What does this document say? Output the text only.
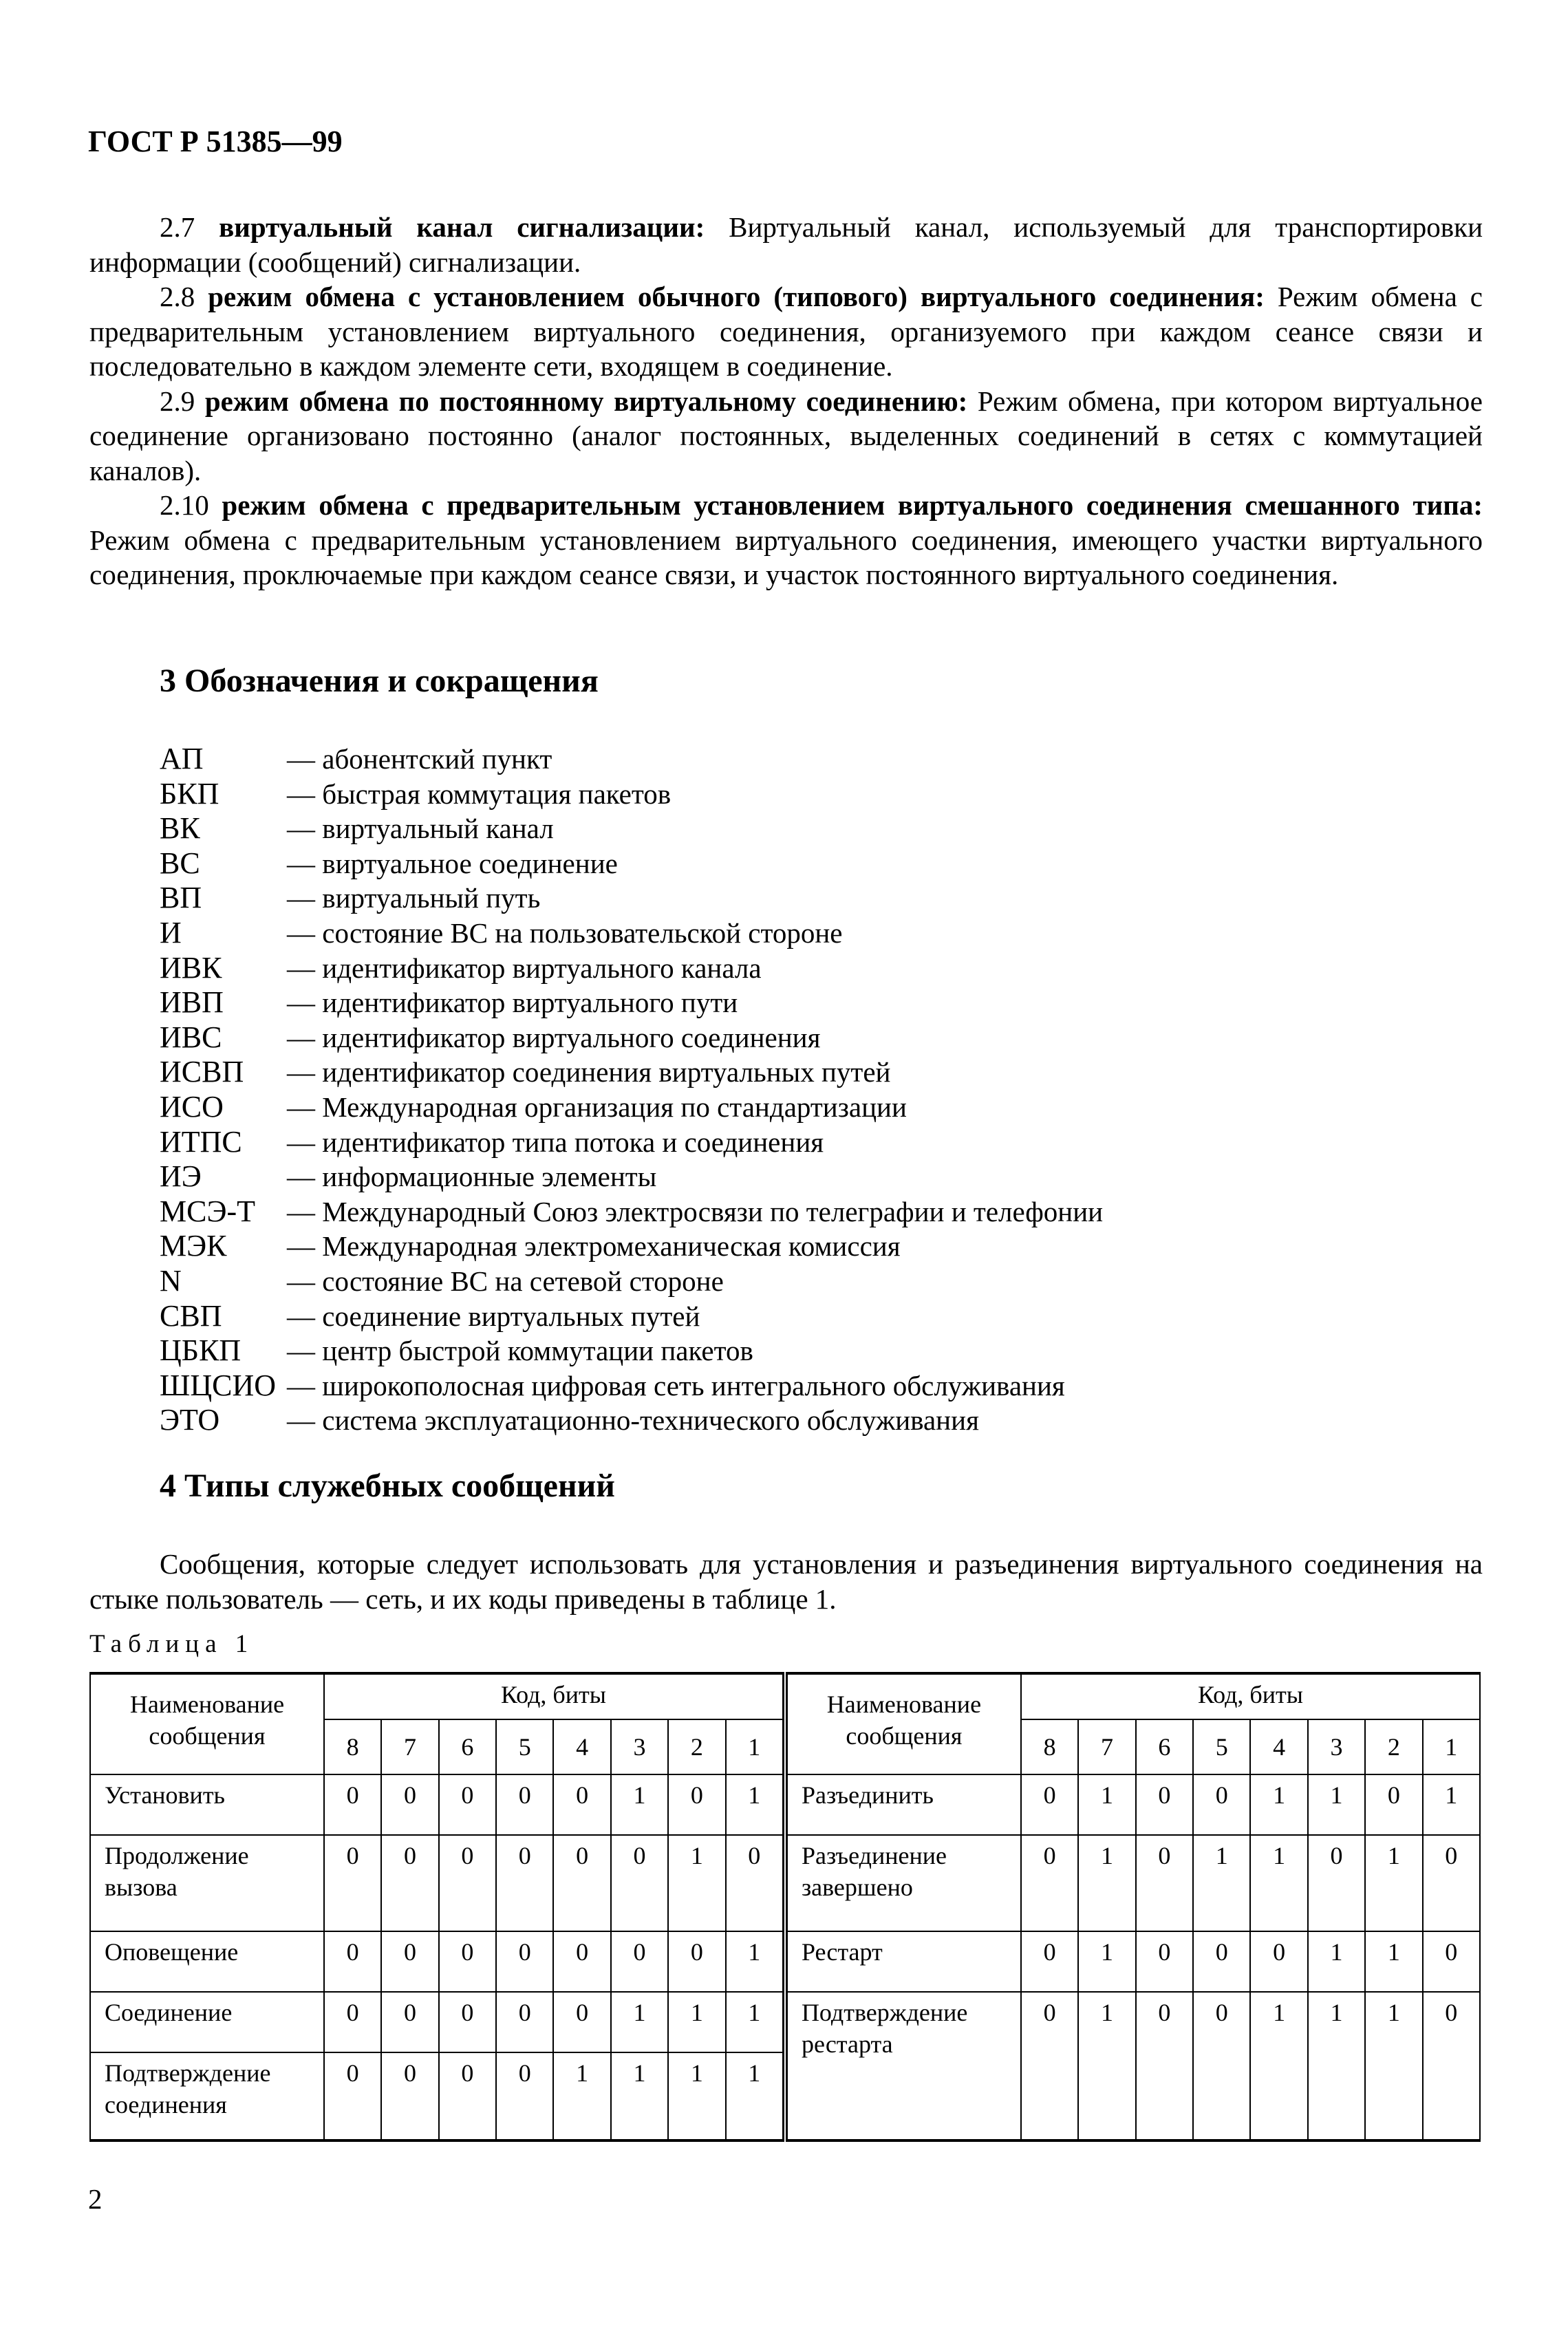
ГОСТ Р 51385—99

2.7 виртуальный канал сигнализации: Виртуальный канал, используемый для транспортировки информации (сообщений) сигнализации.

2.8 режим обмена с установлением обычного (типового) виртуального соединения: Режим обмена с предварительным установлением виртуального соединения, организуемого при каждом сеансе связи и последовательно в каждом элементе сети, входящем в соединение.

2.9 режим обмена по постоянному виртуальному соединению: Режим обмена, при котором виртуальное соединение организовано постоянно (аналог постоянных, выделенных соединений в сетях с коммутацией каналов).

2.10 режим обмена с предварительным установлением виртуального соединения смешанного типа: Режим обмена с предварительным установлением виртуального соединения, имеющего участки виртуального соединения, проключаемые при каждом сеансе связи, и участок постоянного виртуального соединения.

3 Обозначения и сокращения
АП	— абонентский пункт
БКП	— быстрая коммутация пакетов
ВК	— виртуальный канал
ВС	— виртуальное соединение
ВП	— виртуальный путь
И	— состояние ВС на пользовательской стороне
ИВК	— идентификатор виртуального канала
ИВП	— идентификатор виртуального пути
ИВС	— идентификатор виртуального соединения
ИСВП	— идентификатор соединения виртуальных путей
ИСО	— Международная организация по стандартизации
ИТПС	— идентификатор типа потока и соединения
ИЭ	— информационные элементы
МСЭ-Т	— Международный Союз электросвязи по телеграфии и телефонии
МЭК	— Международная электромеханическая комиссия
N	— состояние ВС на сетевой стороне
СВП	— соединение виртуальных путей
ЦБКП	— центр быстрой коммутации пакетов
ШЦСИО — широкополосная цифровая сеть интегрального обслуживания
ЭТО	— система эксплуатационно-технического обслуживания
4 Типы служебных сообщений
Сообщения, которые следует использовать для установления и разъединения виртуального соединения на стыке пользователь — сеть, и их коды приведены в таблице 1.
Таблица 1
Наименование сообщения	Код, биты								Наименование сообщения	Код, биты							
	8	7	6	5	4	3	2	1		8	7	6	5	4	3	2	1
Установить	0	0	0	0	0	1	0	1	Разъединить	0	1	0	0	1	1	0	1
Продолжение вызова	0	0	0	0	0	0	1	0	Разъединение завершено	0	1	0	1	1	0	1	0
Оповещение	0	0	0	0	0	0	0	1	Рестарт	0	1	0	0	0	1	1	0
Соединение	0	0	0	0	0	1	1	1	Подтверждение рестарта	0	1	0	0	1	1	1	0
Подтверждение соединения	0	0	0	0	1	1	1	1									
2
